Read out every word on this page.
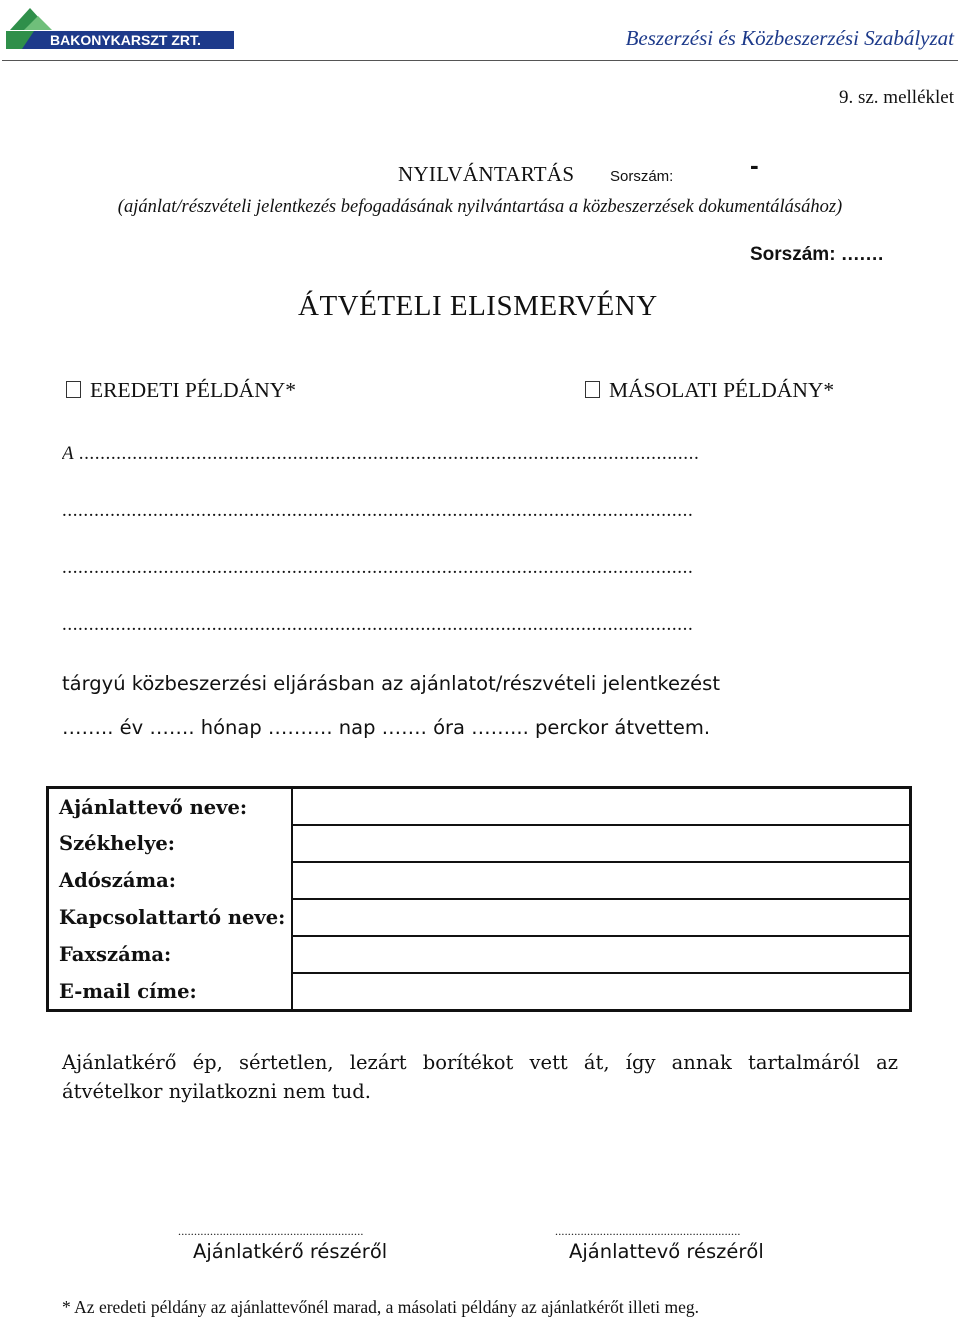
BAKONYKARSZT ZRT.	Beszerzési és Közbeszerzési Szabályzat
9. sz. melléklet
NYILVÁNTARTÁS Sorszám:	-
(ajánlat/részvételi jelentkezés befogadásának nyilvántartása a közbeszerzések dokumentálásához)
Sorszám: ….…
ÁTVÉTELI ELISMERVÉNY
EREDETI PÉLDÁNY*	MÁSOLATI PÉLDÁNY*
A ....................................................................................................................
......................................................................................................................
......................................................................................................................
......................................................................................................................
tárgyú közbeszerzési eljárásban az ajánlatot/részvételi jelentkezést
…….. év ……. hónap ………. nap ……. óra ……... perckor átvettem.
Ajánlattevő neve:	
Székhelye:	
Adószáma:	
Kapcsolattartó neve:	
Faxszáma:	
E-mail címe:	
Ajánlatkérő ép, sértetlen, lezárt borítékot vett át, így annak tartalmáról az átvételkor nyilatkozni nem tud.
..........................................................	..........................................................
Ajánlatkérő részéről	Ajánlattevő részéről
* Az eredeti példány az ajánlattevőnél marad, a másolati példány az ajánlatkérőt illeti meg.
